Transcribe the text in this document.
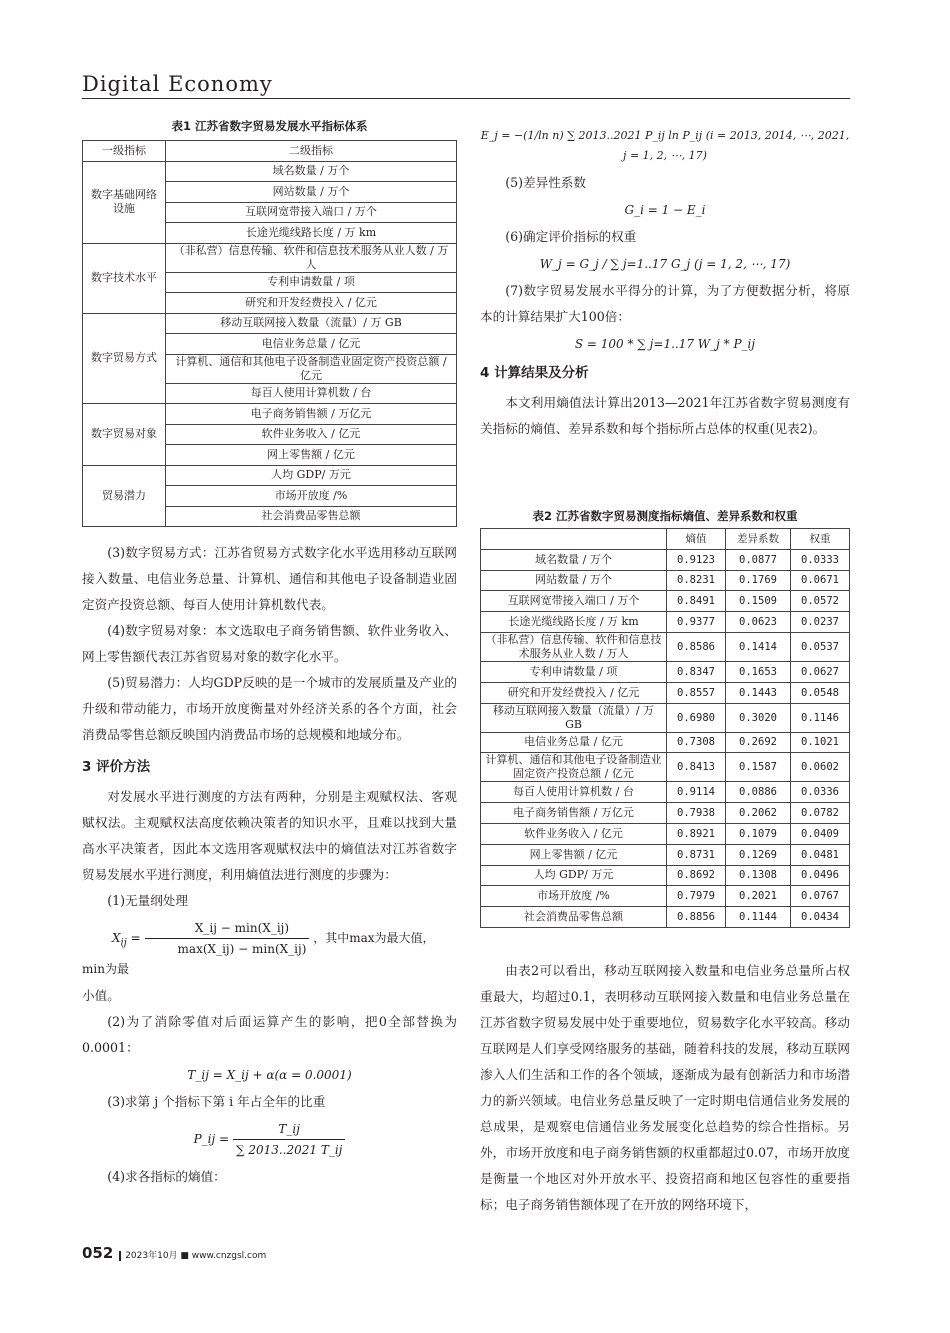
Digital Economy
表1 江苏省数字贸易发展水平指标体系
一级指标	二级指标
数字基础网络设施	域名数量 / 万个
	网站数量 / 万个
	互联网宽带接入端口 / 万个
	长途光缆线路长度 / 万 km
数字技术水平	（非私营）信息传输、软件和信息技术服务从业人数 / 万人
	专利申请数量 / 项
	研究和开发经费投入 / 亿元
数字贸易方式	移动互联网接入数量（流量）/ 万 GB
	电信业务总量 / 亿元
	计算机、通信和其他电子设备制造业固定资产投资总额 / 亿元
	每百人使用计算机数 / 台
数字贸易对象	电子商务销售额 / 万亿元
	软件业务收入 / 亿元
	网上零售额 / 亿元
贸易潜力	人均 GDP/ 万元
	市场开放度 /%
	社会消费品零售总额

(3)数字贸易方式：江苏省贸易方式数字化水平选用移动互联网接入数量、电信业务总量、计算机、通信和其他电子设备制造业固定资产投资总额、每百人使用计算机数代表。

(4)数字贸易对象：本文选取电子商务销售额、软件业务收入、网上零售额代表江苏省贸易对象的数字化水平。

(5)贸易潜力：人均GDP反映的是一个城市的发展质量及产业的升级和带动能力，市场开放度衡量对外经济关系的各个方面，社会消费品零售总额反映国内消费品市场的总规模和地域分布。

3 评价方法

对发展水平进行测度的方法有两种，分别是主观赋权法、客观赋权法。主观赋权法高度依赖决策者的知识水平，且难以找到大量高水平决策者，因此本文选用客观赋权法中的熵值法对江苏省数字贸易发展水平进行测度，利用熵值法进行测度的步骤为：

(1)无量纲处理

$X_{ij} = \frac{X\_ij - \min(X\_ij)}{\max(X\_ij) - \min(X\_ij)}$ ，其中max为最大值，min为最

小值。

(2)为了消除零值对后面运算产生的影响，把0全部替换为0.0001：

T_ij = X_ij + α(α = 0.0001)

(3)求第 j 个指标下第 i 年占全年的比重

P_ij = $\frac{T\_ij}{\sum 2013..2021 T\_ij}$

(4)求各指标的熵值：

E_j = −(1/ln n) ∑ 2013..2021 P_ij ln P_ij (i = 2013, 2014, ⋯, 2021, j = 1, 2, ⋯, 17)

(5)差异性系数

G_i = 1 − E_i

(6)确定评价指标的权重

W_j = G_j / ∑ j=1..17 G_j (j = 1, 2, ⋯, 17)

(7)数字贸易发展水平得分的计算，为了方便数据分析，将原本的计算结果扩大100倍：

S = 100 * ∑ j=1..17 W_j * P_ij

4 计算结果及分析

本文利用熵值法计算出2013—2021年江苏省数字贸易测度有关指标的熵值、差异系数和每个指标所占总体的权重(见表2)。

表2 江苏省数字贸易测度指标熵值、差异系数和权重
	熵值	差异系数	权重
域名数量 / 万个	0.9123	0.0877	0.0333
网站数量 / 万个	0.8231	0.1769	0.0671
互联网宽带接入端口 / 万个	0.8491	0.1509	0.0572
长途光缆线路长度 / 万 km	0.9377	0.0623	0.0237
（非私营）信息传输、软件和信息技术服务从业人数 / 万人	0.8586	0.1414	0.0537
专利申请数量 / 项	0.8347	0.1653	0.0627
研究和开发经费投入 / 亿元	0.8557	0.1443	0.0548
移动互联网接入数量（流量）/ 万 GB	0.6980	0.3020	0.1146
电信业务总量 / 亿元	0.7308	0.2692	0.1021
计算机、通信和其他电子设备制造业固定资产投资总额 / 亿元	0.8413	0.1587	0.0602
每百人使用计算机数 / 台	0.9114	0.0886	0.0336
电子商务销售额 / 万亿元	0.7938	0.2062	0.0782
软件业务收入 / 亿元	0.8921	0.1079	0.0409
网上零售额 / 亿元	0.8731	0.1269	0.0481
人均 GDP/ 万元	0.8692	0.1308	0.0496
市场开放度 /%	0.7979	0.2021	0.0767
社会消费品零售总额	0.8856	0.1144	0.0434

由表2可以看出，移动互联网接入数量和电信业务总量所占权重最大，均超过0.1，表明移动互联网接入数量和电信业务总量在江苏省数字贸易发展中处于重要地位，贸易数字化水平较高。移动互联网是人们享受网络服务的基础，随着科技的发展，移动互联网渗入人们生活和工作的各个领域，逐渐成为最有创新活力和市场潜力的新兴领域。电信业务总量反映了一定时期电信通信业务发展的总成果，是观察电信通信业务发展变化总趋势的综合性指标。另外，市场开放度和电子商务销售额的权重都超过0.07，市场开放度是衡量一个地区对外开放水平、投资招商和地区包容性的重要指标；电子商务销售额体现了在开放的网络环境下，

052 2023年10月 ■ www.cnzgsl.com
